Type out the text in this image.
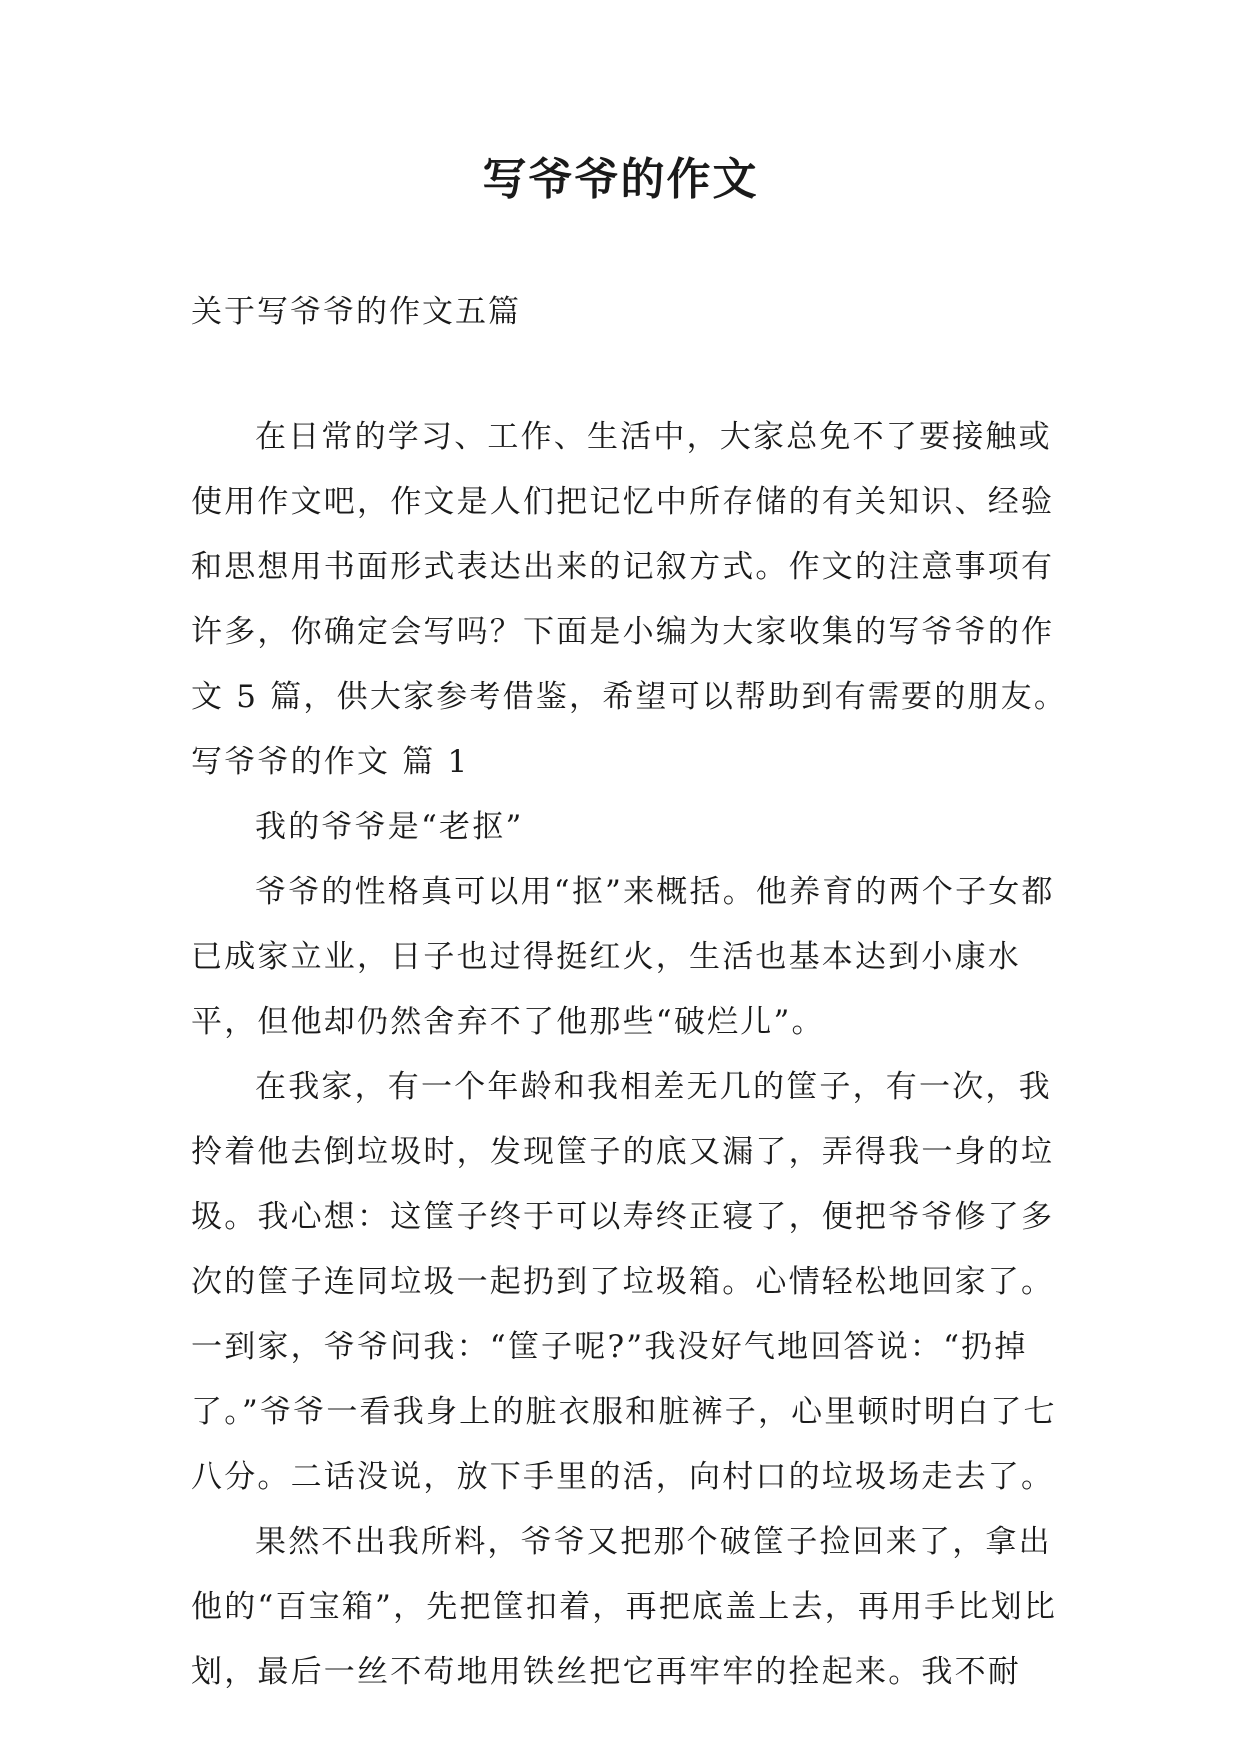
写爷爷的作文

关于写爷爷的作文五篇

在日常的学习、工作、生活中，大家总免不了要接触或使用作文吧，作文是人们把记忆中所存储的有关知识、经验和思想用书面形式表达出来的记叙方式。作文的注意事项有许多，你确定会写吗？下面是小编为大家收集的写爷爷的作文 5 篇，供大家参考借鉴，希望可以帮助到有需要的朋友。

写爷爷的作文 篇 1

我的爷爷是“老抠”

爷爷的性格真可以用“抠”来概括。他养育的两个子女都已成家立业，日子也过得挺红火，生活也基本达到小康水平，但他却仍然舍弃不了他那些“破烂儿”。

在我家，有一个年龄和我相差无几的筐子，有一次，我拎着他去倒垃圾时，发现筐子的底又漏了，弄得我一身的垃圾。我心想：这筐子终于可以寿终正寝了，便把爷爷修了多次的筐子连同垃圾一起扔到了垃圾箱。心情轻松地回家了。一到家，爷爷问我：“筐子呢?”我没好气地回答说：“扔掉了。”爷爷一看我身上的脏衣服和脏裤子，心里顿时明白了七八分。二话没说，放下手里的活，向村口的垃圾场走去了。

果然不出我所料，爷爷又把那个破筐子捡回来了，拿出他的“百宝箱”，先把筐扣着，再把底盖上去，再用手比划比划，最后一丝不苟地用铁丝把它再牢牢的拴起来。我不耐
